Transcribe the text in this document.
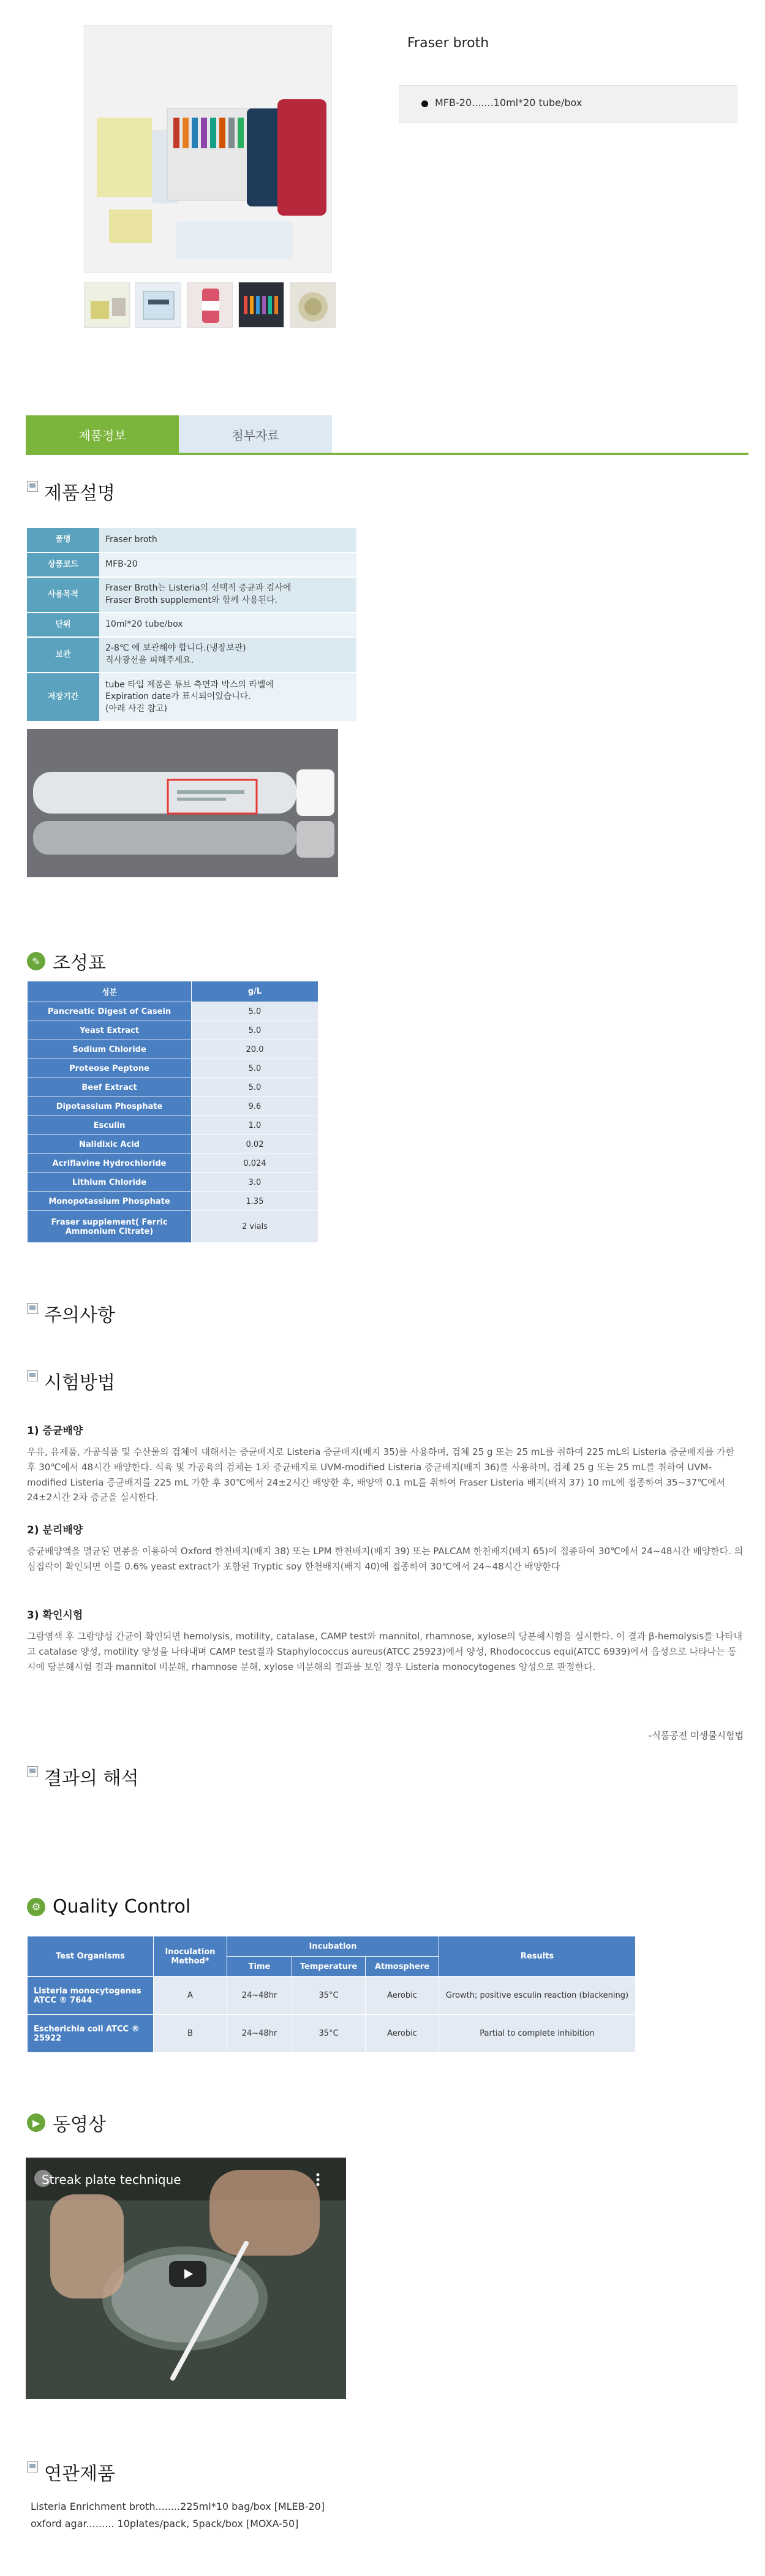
Fraser broth
MFB-20.......10ml*20 tube/box
제품정보	첨부자료
제품설명
품명	Fraser broth
상품코드	MFB-20
사용목적	Fraser Broth는 Listeria의 선택적 증균과 검사에
Fraser Broth supplement와 함께 사용된다.
단위	10ml*20 tube/box
보관	2-8℃ 에 보관해야 합니다.(냉장보관)
직사광선을 피해주세요.
저장기간	tube 타입 제품은 튜브 측면과 박스의 라벨에
Expiration date가 표시되어있습니다.
(아래 사진 참고)
✎ 조성표
성분	g/L
Pancreatic Digest of Casein	5.0
Yeast Extract	5.0
Sodium Chloride	20.0
Proteose Peptone	5.0
Beef Extract	5.0
Dipotassium Phosphate	9.6
Esculin	1.0
Nalidixic Acid	0.02
Acriflavine Hydrochloride	0.024
Lithium Chloride	3.0
Monopotassium Phosphate	1.35
Fraser supplement( Ferric Ammonium Citrate)	2 vials
주의사항
시험방법
1) 증균배양
우유, 유제품, 가공식품 및 수산물의 검체에 대해서는 증균배지로 Listeria 증균배지(배지 35)를 사용하며, 검체 25 g 또는 25 mL를 취하여 225 mL의 Listeria 증균배지를 가한 후 30℃에서 48시간 배양한다. 식육 및 가공육의 검체는 1차 증균배지로 UVM-modified Listeria 증균배지(배지 36)를 사용하며, 검체 25 g 또는 25 mL를 취하여 UVM-modified Listeria 증균배지를 225 mL 가한 후 30℃에서 24±2시간 배양한 후, 배양액 0.1 mL를 취하여 Fraser Listeria 배지(배지 37) 10 mL에 접종하여 35~37℃에서 24±2시간 2차 증균을 실시한다.
2) 분리배양
증균배양액을 멸균된 면봉을 이용하여 Oxford 한천배지(배지 38) 또는 LPM 한천배지(배지 39) 또는 PALCAM 한천배지(배지 65)에 접종하여 30℃에서 24~48시간 배양한다. 의심집락이 확인되면 이를 0.6% yeast extract가 포함된 Tryptic soy 한천배지(배지 40)에 접종하여 30℃에서 24~48시간 배양한다
3) 확인시험
그람염색 후 그람양성 간균이 확인되면 hemolysis, motility, catalase, CAMP test와 mannitol, rhamnose, xylose의 당분해시험을 실시한다. 이 결과 β-hemolysis를 나타내고 catalase 양성, motility 양성을 나타내며 CAMP test결과 Staphylococcus aureus(ATCC 25923)에서 양성, Rhodococcus equi(ATCC 6939)에서 음성으로 나타나는 동시에 당분해시험 결과 mannitol 비분해, rhamnose 분해, xylose 비분해의 결과를 보일 경우 Listeria monocytogenes 양성으로 판정한다.
-식품공전 미생물시험법
결과의 해석
⚙ Quality Control
Test Organisms	Inoculation Method*	Incubation			Results
		Time	Temperature	Atmosphere	
Listeria monocytogenes ATCC ® 7644	A	24~48hr	35°C	Aerobic	Growth; positive esculin reaction (blackening)
Escherichia coli ATCC ® 25922	B	24~48hr	35°C	Aerobic	Partial to complete inhibition
▶ 동영상
Streak plate technique
연관제품
Listeria Enrichment broth........225ml*10 bag/box [MLEB-20]
oxford agar......... 10plates/pack, 5pack/box [MOXA-50]
